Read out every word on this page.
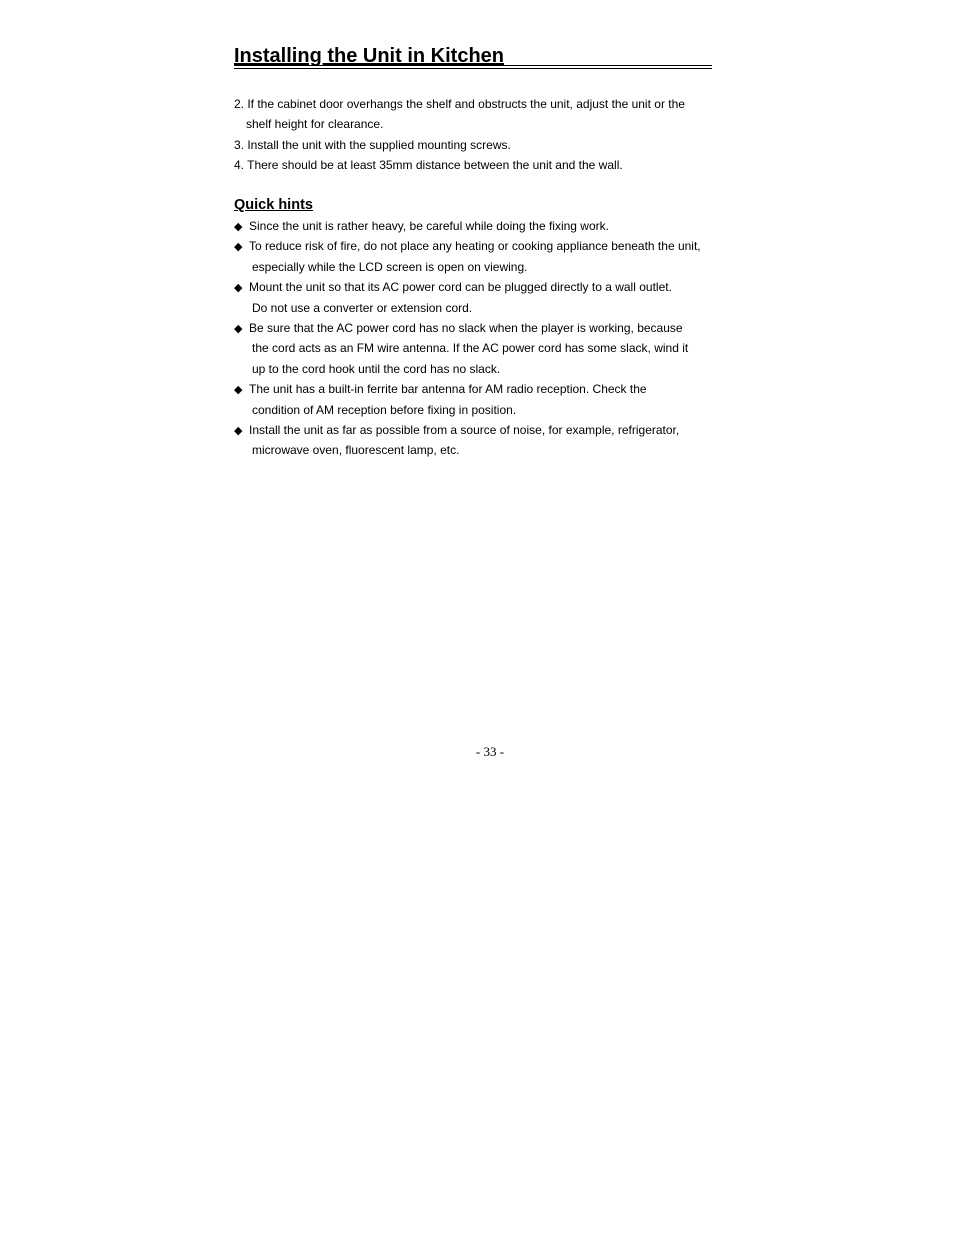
Installing the Unit in Kitchen
2. If the cabinet door overhangs the shelf and obstructs the unit, adjust the unit or the
shelf height for clearance.
3. Install the unit with the supplied mounting screws.
4. There should be at least 35mm distance between the unit and the wall.
Quick hints
◆ Since the unit is rather heavy, be careful while doing the fixing work.
◆ To reduce risk of fire, do not place any heating or cooking appliance beneath the unit,
especially while the LCD screen is open on viewing.
◆ Mount the unit so that its AC power cord can be plugged directly to a wall outlet.
Do not use a converter or extension cord.
◆ Be sure that the AC power cord has no slack when the player is working, because
the cord acts as an FM wire antenna. If the AC power cord has some slack, wind it
up to the cord hook until the cord has no slack.
◆ The unit has a built-in ferrite bar antenna for AM radio reception. Check the
condition of AM reception before fixing in position.
◆ Install the unit as far as possible from a source of noise, for example, refrigerator,
microwave oven, fluorescent lamp, etc.
- 33 -
